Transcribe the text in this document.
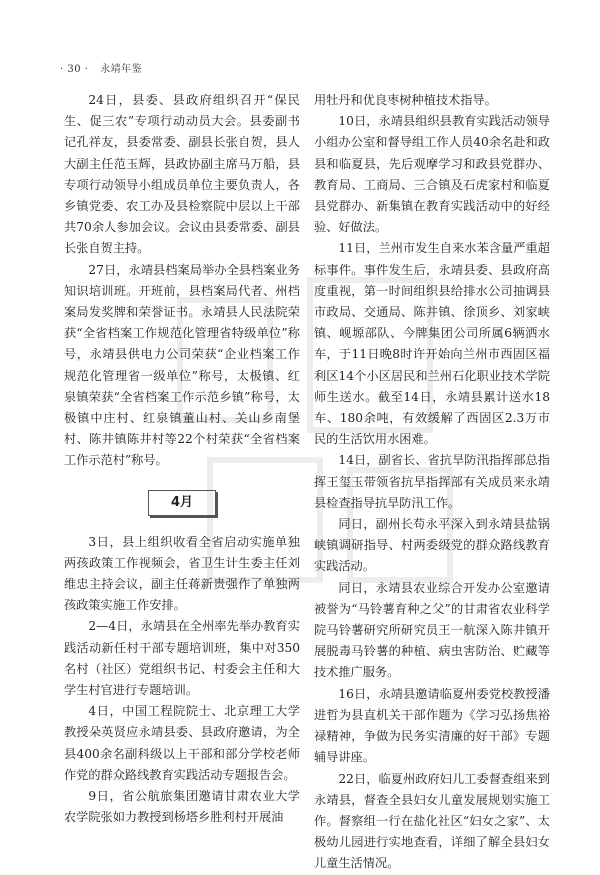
· 30 · 永靖年鉴

24日，县委、县政府组织召开“保民生、促三农”专项行动动员大会。县委副书记孔祥友，县委常委、副县长张自贺，县人大副主任范玉辉，县政协副主席马万船，县专项行动领导小组成员单位主要负责人，各乡镇党委、农工办及县检察院中层以上干部共70余人参加会议。会议由县委常委、副县长张自贺主持。

27日，永靖县档案局举办全县档案业务知识培训班。开班前，县档案局代者、州档案局发奖牌和荣誉证书。永靖县人民法院荣获“全省档案工作规范化管理省特级单位”称号，永靖县供电力公司荣获“企业档案工作规范化管理省一级单位”称号，太极镇、红泉镇荣获“全省档案工作示范乡镇”称号，太极镇中庄村、红泉镇董山村、关山乡南堡村、陈井镇陈井村等22个村荣获“全省档案工作示范村”称号。

4月

3日，县上组织收看全省启动实施单独两孩政策工作视频会，省卫生计生委主任刘维忠主持会议，副主任蒋新贵强作了单独两孩政策实施工作安排。

2—4日，永靖县在全州率先举办教育实践活动新任村干部专题培训班，集中对350名村（社区）党组织书记、村委会主任和大学生村官进行专题培训。

4日，中国工程院院士、北京理工大学教授朵英贤应永靖县委、县政府邀请，为全县400余名副科级以上干部和部分学校老师作党的群众路线教育实践活动专题报告会。

9日，省公航旅集团邀请甘肃农业大学农学院张如力教授到杨塔乡胜利村开展油

用牡丹和优良枣树种植技术指导。

10日，永靖县组织县教育实践活动领导小组办公室和督导组工作人员40余名赴和政县和临夏县，先后观摩学习和政县党群办、教育局、工商局、三合镇及石虎家村和临夏县党群办、新集镇在教育实践活动中的好经验、好做法。

11日，兰州市发生自来水苯含量严重超标事件。事件发生后，永靖县委、县政府高度重视，第一时间组织县给排水公司抽调县市政局、交通局、陈井镇、徐顶乡、刘家峡镇、岘塬部队、今牌集团公司所属6辆洒水车，于11日晚8时许开始向兰州市西固区福利区14个小区居民和兰州石化职业技术学院师生送水。截至14日，永靖县累计送水18车、180余吨，有效缓解了西固区2.3万市民的生活饮用水困难。

14日，副省长、省抗旱防汛指挥部总指挥王玺玉带领省抗旱指挥部有关成员来永靖县检查指导抗旱防汛工作。

同日，副州长苟永平深入到永靖县盐锅峡镇调研指导、村两委级党的群众路线教育实践活动。

同日，永靖县农业综合开发办公室邀请被誉为“马铃薯育种之父”的甘肃省农业科学院马铃薯研究所研究员王一航深入陈井镇开展脱毒马铃薯的种植、病虫害防治、贮藏等技术推广服务。

16日，永靖县邀请临夏州委党校教授潘进哲为县直机关干部作题为《学习弘扬焦裕禄精神，争做为民务实清廉的好干部》专题辅导讲座。

22日，临夏州政府妇儿工委督查组来到永靖县，督查全县妇女儿童发展规划实施工作。督察组一行在盐化社区“妇女之家”、太极幼儿园进行实地查看，详细了解全县妇女儿童生活情况。
